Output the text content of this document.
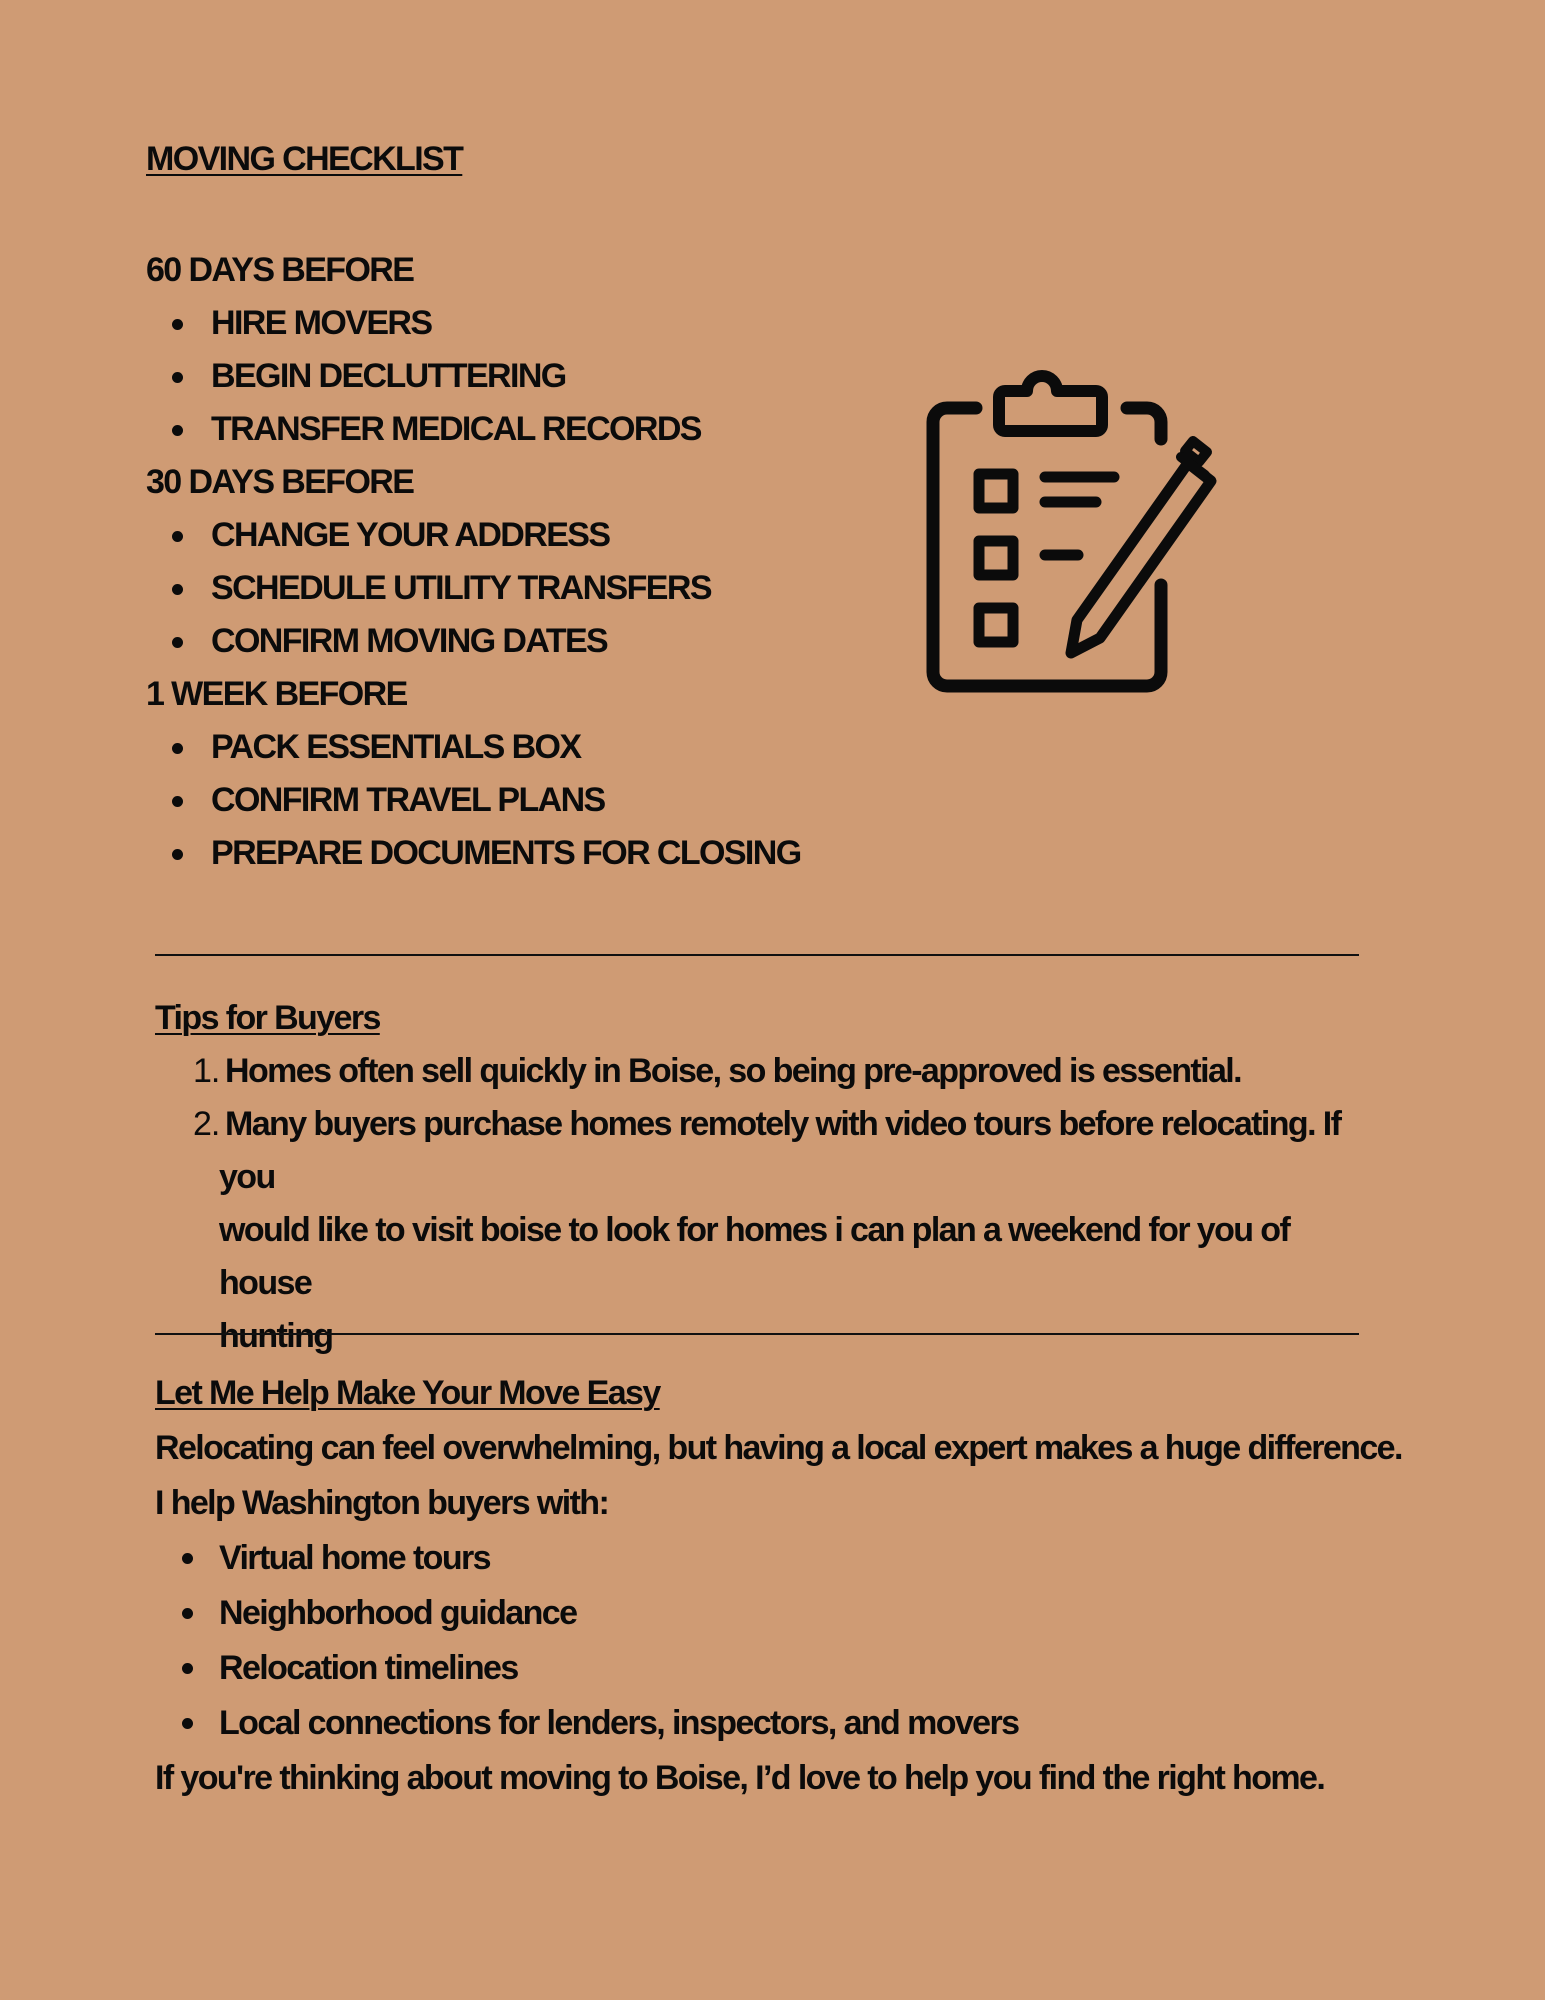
MOVING CHECKLIST
60 DAYS BEFORE
HIRE MOVERS
BEGIN DECLUTTERING
TRANSFER MEDICAL RECORDS
30 DAYS BEFORE
CHANGE YOUR ADDRESS
SCHEDULE UTILITY TRANSFERS
CONFIRM MOVING DATES
1 WEEK BEFORE
PACK ESSENTIALS BOX
CONFIRM TRAVEL PLANS
PREPARE DOCUMENTS FOR CLOSING
Tips for Buyers
1. Homes often sell quickly in Boise, so being pre-approved is essential.
2. Many buyers purchase homes remotely with video tours before relocating. If you
would like to visit boise to look for homes i can plan a weekend for you of house
hunting
Let Me Help Make Your Move Easy
Relocating can feel overwhelming, but having a local expert makes a huge difference.
I help Washington buyers with:
Virtual home tours
Neighborhood guidance
Relocation timelines
Local connections for lenders, inspectors, and movers
If you're thinking about moving to Boise, I’d love to help you find the right home.
